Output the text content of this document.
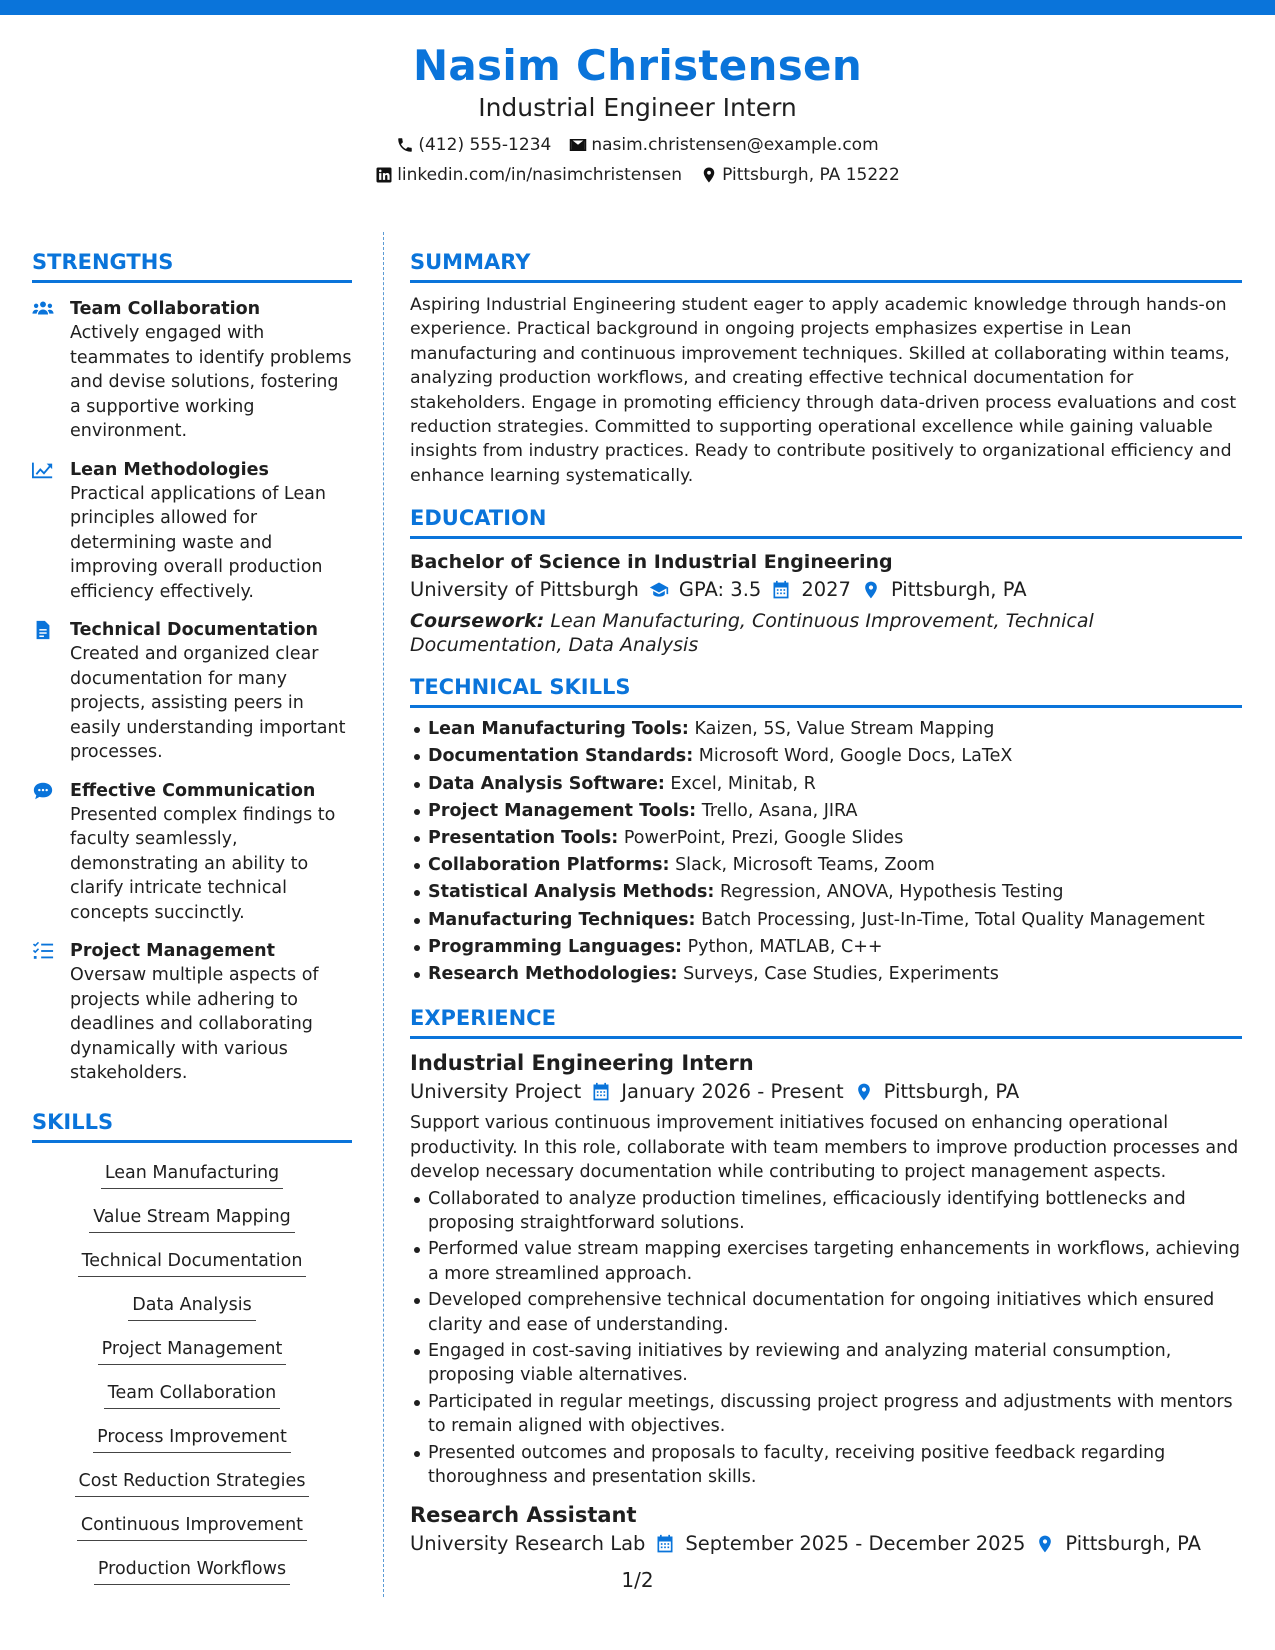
Nasim Christensen
Industrial Engineer Intern
(412) 555-1234 nasim.christensen@example.com
linkedin.com/in/nasimchristensen Pittsburgh, PA 15222
STRENGTHS
Team Collaboration
Actively engaged with teammates to identify problems and devise solutions, fostering a supportive working environment.
Lean Methodologies
Practical applications of Lean principles allowed for determining waste and improving overall production efficiency effectively.
Technical Documentation
Created and organized clear documentation for many projects, assisting peers in easily understanding important processes.
Effective Communication
Presented complex findings to faculty seamlessly, demonstrating an ability to clarify intricate technical concepts succinctly.
Project Management
Oversaw multiple aspects of projects while adhering to deadlines and collaborating dynamically with various stakeholders.
SKILLS
Lean Manufacturing
Value Stream Mapping
Technical Documentation
Data Analysis
Project Management
Team Collaboration
Process Improvement
Cost Reduction Strategies
Continuous Improvement
Production Workflows
SUMMARY

Aspiring Industrial Engineering student eager to apply academic knowledge through hands-on experience. Practical background in ongoing projects emphasizes expertise in Lean manufacturing and continuous improvement techniques. Skilled at collaborating within teams, analyzing production workflows, and creating effective technical documentation for stakeholders. Engage in promoting efficiency through data-driven process evaluations and cost reduction strategies. Committed to supporting operational excellence while gaining valuable insights from industry practices. Ready to contribute positively to organizational efficiency and enhance learning systematically.

EDUCATION
Bachelor of Science in Industrial Engineering
University of Pittsburgh GPA: 3.5 2027 Pittsburgh, PA
Coursework: Lean Manufacturing, Continuous Improvement, Technical Documentation, Data Analysis
TECHNICAL SKILLS
Lean Manufacturing Tools: Kaizen, 5S, Value Stream Mapping
Documentation Standards: Microsoft Word, Google Docs, LaTeX
Data Analysis Software: Excel, Minitab, R
Project Management Tools: Trello, Asana, JIRA
Presentation Tools: PowerPoint, Prezi, Google Slides
Collaboration Platforms: Slack, Microsoft Teams, Zoom
Statistical Analysis Methods: Regression, ANOVA, Hypothesis Testing
Manufacturing Techniques: Batch Processing, Just-In-Time, Total Quality Management
Programming Languages: Python, MATLAB, C++
Research Methodologies: Surveys, Case Studies, Experiments
EXPERIENCE
Industrial Engineering Intern
University Project January 2026 - Present Pittsburgh, PA

Support various continuous improvement initiatives focused on enhancing operational productivity. In this role, collaborate with team members to improve production processes and develop necessary documentation while contributing to project management aspects.

Collaborated to analyze production timelines, efficaciously identifying bottlenecks and proposing straightforward solutions.
Performed value stream mapping exercises targeting enhancements in workflows, achieving a more streamlined approach.
Developed comprehensive technical documentation for ongoing initiatives which ensured clarity and ease of understanding.
Engaged in cost-saving initiatives by reviewing and analyzing material consumption, proposing viable alternatives.
Participated in regular meetings, discussing project progress and adjustments with mentors to remain aligned with objectives.
Presented outcomes and proposals to faculty, receiving positive feedback regarding thoroughness and presentation skills.
Research Assistant
University Research Lab September 2025 - December 2025 Pittsburgh, PA
1/2
